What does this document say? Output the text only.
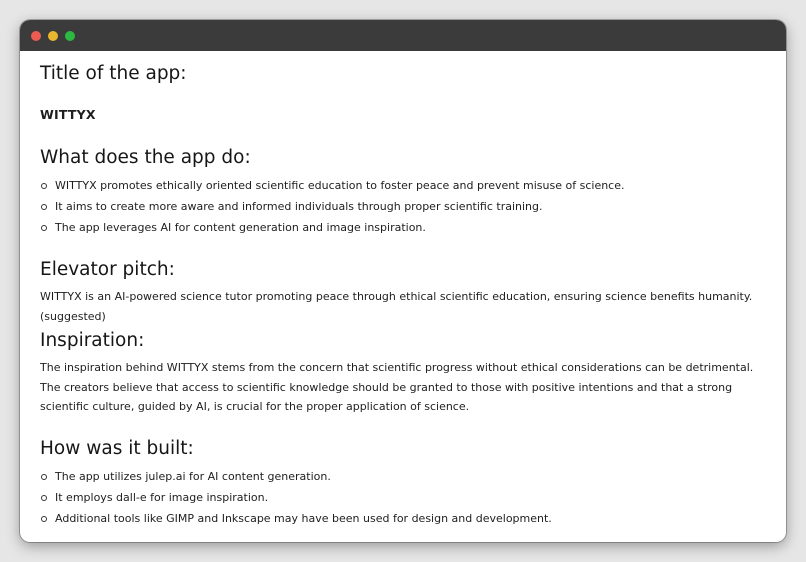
Title of the app:
WITTYX
What does the app do:
WITTYX promotes ethically oriented scientific education to foster peace and prevent misuse of science.
It aims to create more aware and informed individuals through proper scientific training.
The app leverages AI for content generation and image inspiration.
Elevator pitch:

WITTYX is an AI-powered science tutor promoting peace through ethical scientific education, ensuring science benefits humanity. (suggested)

Inspiration:

The inspiration behind WITTYX stems from the concern that scientific progress without ethical considerations can be detrimental. The creators believe that access to scientific knowledge should be granted to those with positive intentions and that a strong scientific culture, guided by AI, is crucial for the proper application of science.

How was it built:
The app utilizes julep.ai for AI content generation.
It employs dall-e for image inspiration.
Additional tools like GIMP and Inkscape may have been used for design and development.
